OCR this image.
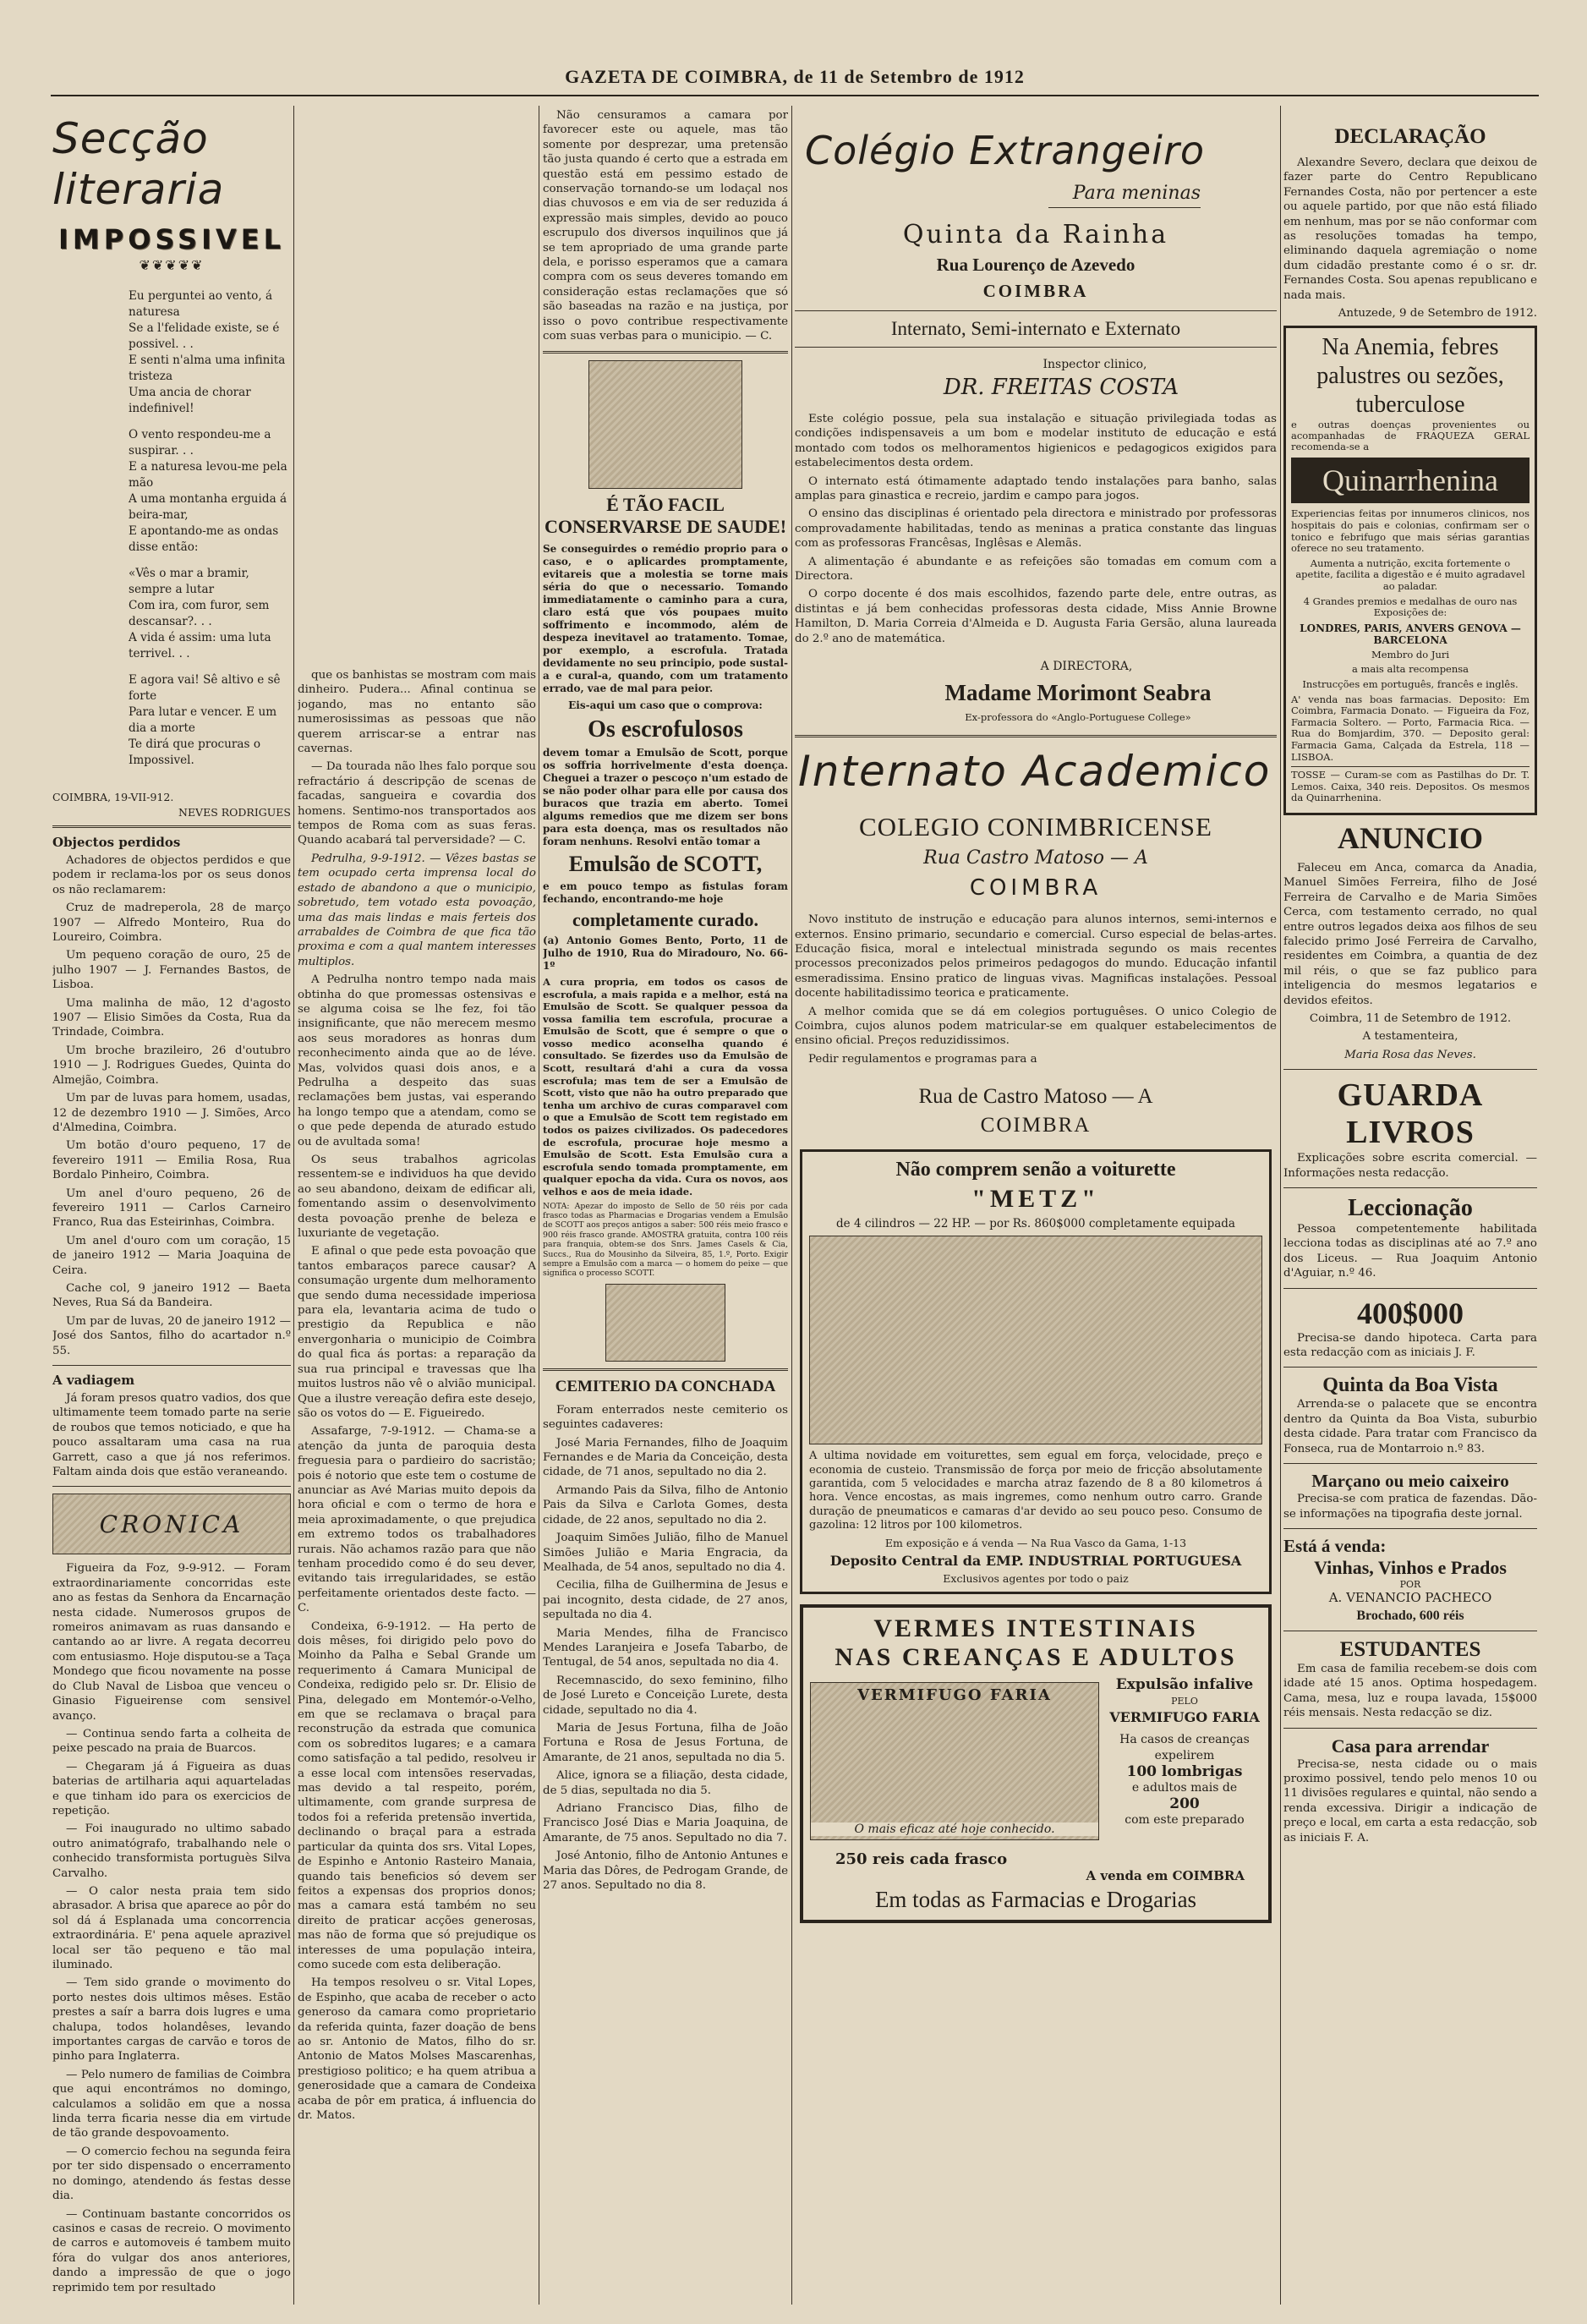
GAZETA DE COIMBRA, de 11 de Setembro de 1912
Secção literaria
IMPOSSIVEL
❦❦❦❦❦
Eu perguntei ao vento, á naturesa
Se a l'felidade existe, se é possivel. . .
E senti n'alma uma infinita tristeza
Uma ancia de chorar indefinivel!
O vento respondeu-me a suspirar. . .
E a naturesa levou-me pela mão
A uma montanha erguida á beira-mar,
E apontando-me as ondas disse então:
«Vês o mar a bramir, sempre a lutar
Com ira, com furor, sem descansar?. . .
A vida é assim: uma luta terrivel. . .
E agora vai! Sê altivo e sê forte
Para lutar e vencer. E um dia a morte
Te dirá que procuras o Impossivel.
COIMBRA, 19-VII-912.
NEVES RODRIGUES
Objectos perdidos

Achadores de objectos perdidos e que podem ir reclama-los por os seus donos os não reclamarem:

Cruz de madreperola, 28 de março 1907 — Alfredo Monteiro, Rua do Loureiro, Coimbra.

Um pequeno coração de ouro, 25 de julho 1907 — J. Fernandes Bastos, de Lisboa.

Uma malinha de mão, 12 d'agosto 1907 — Elisio Simões da Costa, Rua da Trindade, Coimbra.

Um broche brazileiro, 26 d'outubro 1910 — J. Rodrigues Guedes, Quinta do Almejão, Coimbra.

Um par de luvas para homem, usadas, 12 de dezembro 1910 — J. Simões, Arco d'Almedina, Coimbra.

Um botão d'ouro pequeno, 17 de fevereiro 1911 — Emilia Rosa, Rua Bordalo Pinheiro, Coimbra.

Um anel d'ouro pequeno, 26 de fevereiro 1911 — Carlos Carneiro Franco, Rua das Esteirinhas, Coimbra.

Um anel d'ouro com um coração, 15 de janeiro 1912 — Maria Joaquina de Ceira.

Cache col, 9 janeiro 1912 — Baeta Neves, Rua Sá da Bandeira.

Um par de luvas, 20 de janeiro 1912 — José dos Santos, filho do acartador n.º 55.

A vadiagem

Já foram presos quatro vadios, dos que ultimamente teem tomado parte na serie de roubos que temos noticiado, e que ha pouco assaltaram uma casa na rua Garrett, caso a que já nos referimos. Faltam ainda dois que estão veraneando.

CRONICA

Figueira da Foz, 9-9-912. — Foram extraordinariamente concorridas este ano as festas da Senhora da Encarnação nesta cidade. Numerosos grupos de romeiros animavam as ruas dansando e cantando ao ar livre. A regata decorreu com entusiasmo. Hoje disputou-se a Taça Mondego que ficou novamente na posse do Club Naval de Lisboa que venceu o Ginasio Figueirense com sensivel avanço.

— Continua sendo farta a colheita de peixe pescado na praia de Buarcos.

— Chegaram já á Figueira as duas baterias de artilharia aqui aquarteladas e que tinham ido para os exercicios de repetição.

— Foi inaugurado no ultimo sabado outro animatógrafo, trabalhando nele o conhecido transformista portuguès Silva Carvalho.

— O calor nesta praia tem sido abrasador. A brisa que aparece ao pôr do sol dá á Esplanada uma concorrencia extraordinária. E' pena aquele aprazivel local ser tão pequeno e tão mal iluminado.

— Tem sido grande o movimento do porto nestes dois ultimos mêses. Estão prestes a saír a barra dois lugres e uma chalupa, todos holandêses, levando importantes cargas de carvão e toros de pinho para Inglaterra.

— Pelo numero de familias de Coimbra que aqui encontrámos no domingo, calculamos a solidão em que a nossa linda terra ficaria nesse dia em virtude de tão grande despovoamento.

— O comercio fechou na segunda feira por ter sido dispensado o encerramento no domingo, atendendo ás festas desse dia.

— Continuam bastante concorridos os casinos e casas de recreio. O movimento de carros e automoveis é tambem muito fóra do vulgar dos anos anteriores, dando a impressão de que o jogo reprimido tem por resultado

que os banhistas se mostram com mais dinheiro. Pudera... Afinal continua se jogando, mas no entanto são numerosissimas as pessoas que não querem arriscar-se a entrar nas cavernas.

— Da tourada não lhes falo porque sou refractário á descripção de scenas de facadas, sangueira e covardia dos homens. Sentimo-nos transportados aos tempos de Roma com as suas feras. Quando acabará tal perversidade? — C.

Pedrulha, 9-9-1912. — Vêzes bastas se tem ocupado certa imprensa local do estado de abandono a que o municipio, sobretudo, tem votado esta povoação, uma das mais lindas e mais ferteis dos arrabaldes de Coimbra de que fica tão proxima e com a qual mantem interesses multiplos.

A Pedrulha nontro tempo nada mais obtinha do que promessas ostensivas e se alguma coisa se lhe fez, foi tão insignificante, que não merecem mesmo aos seus moradores as honras dum reconhecimento ainda que ao de léve. Mas, volvidos quasi dois anos, e a Pedrulha a despeito das suas reclamações bem justas, vai esperando ha longo tempo que a atendam, como se o que pede dependa de aturado estudo ou de avultada soma!

Os seus trabalhos agricolas ressentem-se e individuos ha que devido ao seu abandono, deixam de edificar ali, fomentando assim o desenvolvimento desta povoação prenhe de beleza e luxuriante de vegetação.

E afinal o que pede esta povoação que tantos embaraços parece causar? A consumação urgente dum melhoramento que sendo duma necessidade imperiosa para ela, levantaria acima de tudo o prestigio da Republica e não envergonharia o municipio de Coimbra do qual fica ás portas: a reparação da sua rua principal e travessas que lha muitos lustros não vê o alvião municipal. Que a ilustre vereação defira este desejo, são os votos do — E. Figueiredo.

Assafarge, 7-9-1912. — Chama-se a atenção da junta de paroquia desta freguesia para o pardieiro do sacristão; pois é notorio que este tem o costume de anunciar as Avé Marias muito depois da hora oficial e com o termo de hora e meia aproximadamente, o que prejudica em extremo todos os trabalhadores rurais. Não achamos razão para que não tenham procedido como é do seu dever, evitando tais irregularidades, se estão perfeitamente orientados deste facto. — C.

Condeixa, 6-9-1912. — Ha perto de dois mêses, foi dirigido pelo povo do Moinho da Palha e Sebal Grande um requerimento á Camara Municipal de Condeixa, redigido pelo sr. Dr. Elisio de Pina, delegado em Montemór-o-Velho, em que se reclamava o braçal para reconstrução da estrada que comunica com os sobreditos lugares; e a camara como satisfação a tal pedido, resolveu ir a esse local com intensões reservadas, mas devido a tal respeito, porém, ultimamente, com grande surpresa de todos foi a referida pretensão invertida, declinando o braçal para a estrada particular da quinta dos srs. Vital Lopes, de Espinho e Antonio Rasteiro Manaia, quando tais beneficios só devem ser feitos a expensas dos proprios donos; mas a camara está também no seu direito de praticar acções generosas, mas não de forma que só prejudique os interesses de uma população inteira, como sucede com esta deliberação.

Ha tempos resolveu o sr. Vital Lopes, de Espinho, que acaba de receber o acto generoso da camara como proprietario da referida quinta, fazer doação de bens ao sr. Antonio de Matos, filho do sr. Antonio de Matos Molses Mascarenhas, prestigioso politico; e ha quem atribua a generosidade que a camara de Condeixa acaba de pôr em pratica, á influencia do dr. Matos.

Não censuramos a camara por favorecer este ou aquele, mas tão somente por desprezar, uma pretensão tão justa quando é certo que a estrada em questão está em pessimo estado de conservação tornando-se um lodaçal nos dias chuvosos e em via de ser reduzida á expressão mais simples, devido ao pouco escrupulo dos diversos inquilinos que já se tem apropriado de uma grande parte dela, e porisso esperamos que a camara compra com os seus deveres tomando em consideração estas reclamações que só são baseadas na razão e na justiça, por isso o povo contribue respectivamente com suas verbas para o municipio. — C.

É TÃO FACIL CONSERVARSE DE SAUDE!

Se conseguirdes o remédio proprio para o caso, e o aplicardes promptamente, evitareis que a molestia se torne mais séria do que o necessario. Tomando immediatamente o caminho para a cura, claro está que vós poupaes muito soffrimento e incommodo, além de despeza inevitavel ao tratamento. Tomae, por exemplo, a escrofula. Tratada devidamente no seu principio, pode sustal-a e cural-a, quando, com um tratamento errado, vae de mal para peior.

Eis-aqui um caso que o comprova:

Os escrofulosos

devem tomar a Emulsão de Scott, porque os soffria horrivelmente d'esta doença. Cheguei a trazer o pescoço n'um estado de se não poder olhar para elle por causa dos buracos que trazia em aberto. Tomei algums remedios que me dizem ser bons para esta doença, mas os resultados não foram nenhuns. Resolvi então tomar a

Emulsão de SCOTT,

e em pouco tempo as fistulas foram fechando, encontrando-me hoje

completamente curado.

(a) Antonio Gomes Bento, Porto, 11 de Julho de 1910, Rua do Miradouro, No. 66-1º

A cura propria, em todos os casos de escrofula, a mais rapida e a melhor, está na Emulsão de Scott. Se qualquer pessoa da vossa familia tem escrofula, procurae a Emulsão de Scott, que é sempre o que o vosso medico aconselha quando é consultado. Se fizerdes uso da Emulsão de Scott, resultará d'ahi a cura da vossa escrofula; mas tem de ser a Emulsão de Scott, visto que não ha outro preparado que tenha um archivo de curas comparavel com o que a Emulsão de Scott tem registado em todos os paizes civilizados. Os padecedores de escrofula, procurae hoje mesmo a Emulsão de Scott. Esta Emulsão cura a escrofula sendo tomada promptamente, em qualquer epocha da vida. Cura os novos, aos velhos e aos de meia idade.

NOTA: Apezar do imposto de Sello de 50 réis por cada frasco todas as Pharmacias e Drogarias vendem a Emulsão de SCOTT aos preços antigos a saber: 500 réis meio frasco e 900 réis frasco grande. AMOSTRA gratuita, contra 100 réis para franquia, obtem-se dos Snrs. James Casels & Cia, Succs., Rua do Mousinho da Silveira, 85, 1.º, Porto. Exigir sempre a Emulsão com a marca — o homem do peixe — que significa o processo SCOTT.

CEMITERIO DA CONCHADA

Foram enterrados neste cemiterio os seguintes cadaveres:

José Maria Fernandes, filho de Joaquim Fernandes e de Maria da Conceição, desta cidade, de 71 anos, sepultado no dia 2.

Armando Pais da Silva, filho de Antonio Pais da Silva e Carlota Gomes, desta cidade, de 22 anos, sepultado no dia 2.

Joaquim Simões Julião, filho de Manuel Simões Julião e Maria Engracia, da Mealhada, de 54 anos, sepultado no dia 4.

Cecilia, filha de Guilhermina de Jesus e pai incognito, desta cidade, de 27 anos, sepultada no dia 4.

Maria Mendes, filha de Francisco Mendes Laranjeira e Josefa Tabarbo, de Tentugal, de 54 anos, sepultada no dia 4.

Recemnascido, do sexo feminino, filho de José Lureto e Conceição Lurete, desta cidade, sepultado no dia 4.

Maria de Jesus Fortuna, filha de João Fortuna e Rosa de Jesus Fortuna, de Amarante, de 21 anos, sepultada no dia 5.

Alice, ignora se a filiação, desta cidade, de 5 dias, sepultada no dia 5.

Adriano Francisco Dias, filho de Francisco José Dias e Maria Joaquina, de Amarante, de 75 anos. Sepultado no dia 7.

José Antonio, filho de Antonio Antunes e Maria das Dôres, de Pedrogam Grande, de 27 anos. Sepultado no dia 8.

Colégio Extrangeiro
Para meninas
Quinta da Rainha
Rua Lourenço de Azevedo
COIMBRA
Internato, Semi-internato e Externato
Inspector clinico,
DR. FREITAS COSTA

Este colégio possue, pela sua instalação e situação privilegiada todas as condições indispensaveis a um bom e modelar instituto de educação e está montado com todos os melhoramentos higienicos e pedagogicos exigidos para estabelecimentos desta ordem.

O internato está ótimamente adaptado tendo instalações para banho, salas amplas para ginastica e recreio, jardim e campo para jogos.

O ensino das disciplinas é orientado pela directora e ministrado por professoras comprovadamente habilitadas, tendo as meninas a pratica constante das linguas com as professoras Francêsas, Inglêsas e Alemãs.

A alimentação é abundante e as refeições são tomadas em comum com a Directora.

O corpo docente é dos mais escolhidos, fazendo parte dele, entre outras, as distintas e já bem conhecidas professoras desta cidade, Miss Annie Browne Hamilton, D. Maria Correia d'Almeida e D. Augusta Faria Gersão, aluna laureada do 2.º ano de matemática.

A DIRECTORA,
Madame Morimont Seabra
Ex-professora do «Anglo-Portuguese College»
Internato Academico
COLEGIO CONIMBRICENSE
Rua Castro Matoso — A
COIMBRA

Novo instituto de instrução e educação para alunos internos, semi-internos e externos. Ensino primario, secundario e comercial. Curso especial de belas-artes. Educação fisica, moral e intelectual ministrada segundo os mais recentes processos preconizados pelos primeiros pedagogos do mundo. Educação infantil esmeradissima. Ensino pratico de linguas vivas. Magnificas instalações. Pessoal docente habilitadissimo teorica e praticamente.

A melhor comida que se dá em colegios portuguêses. O unico Colegio de Coimbra, cujos alunos podem matricular-se em qualquer estabelecimentos de ensino oficial. Preços reduzidissimos.

Pedir regulamentos e programas para a

Rua de Castro Matoso — A
COIMBRA
Não comprem senão a voiturette
"METZ"
de 4 cilindros — 22 HP. — por Rs. 860$000 completamente equipada

A ultima novidade em voiturettes, sem egual em força, velocidade, preço e economia de custeio. Transmissão de força por meio de fricção absolutamente garantida, com 5 velocidades e marcha atraz fazendo de 8 a 80 kilometros á hora. Vence encostas, as mais ingremes, como nenhum outro carro. Grande duração de pneumaticos e camaras d'ar devido ao seu pouco peso. Consumo de gazolina: 12 litros por 100 kilometros.

Em exposição e á venda — Na Rua Vasco da Gama, 1-13
Deposito Central da EMP. INDUSTRIAL PORTUGUESA
Exclusivos agentes por todo o paiz
VERMES INTESTINAIS
NAS CREANÇAS E ADULTOS
VERMIFUGO FARIA
O mais eficaz até hoje conhecido.
Expulsão infalive
PELO
VERMIFUGO FARIA
Ha casos de creanças expelirem
100 lombrigas
e adultos mais de
200
com este preparado
250 reis cada frasco
A venda em COIMBRA
Em todas as Farmacias e Drogarias
DECLARAÇÃO

Alexandre Severo, declara que deixou de fazer parte do Centro Republicano Fernandes Costa, não por pertencer a este ou aquele partido, por que não está filiado em nenhum, mas por se não conformar com as resoluções tomadas ha tempo, eliminando daquela agremiação o nome dum cidadão prestante como é o sr. dr. Fernandes Costa. Sou apenas republicano e nada mais.

Antuzede, 9 de Setembro de 1912.

Na Anemia, febres palustres ou sezões, tuberculose

e outras doenças provenientes ou acompanhadas de FRAQUEZA GERAL recomenda-se a

Quinarrhenina

Experiencias feitas por innumeros clinicos, nos hospitais do pais e colonias, confirmam ser o tonico e febrifugo que mais sérias garantias oferece no seu tratamento.

Aumenta a nutrição, excita fortemente o apetite, facilita a digestão e é muito agradavel ao paladar.

4 Grandes premios e medalhas de ouro nas Exposições de:

LONDRES, PARIS, ANVERS GENOVA — BARCELONA

Membro do Juri

a mais alta recompensa

Instrucções em português, francês e inglês.

A' venda nas boas farmacias. Deposito: Em Coimbra, Farmacia Donato. — Figueira da Foz, Farmacia Soltero. — Porto, Farmacia Rica. — Rua do Bomjardim, 370. — Deposito geral: Farmacia Gama, Calçada da Estrela, 118 — LISBOA.

TOSSE — Curam-se com as Pastilhas do Dr. T. Lemos. Caixa, 340 reis. Depositos. Os mesmos da Quinarrhenina.

ANUNCIO

Faleceu em Anca, comarca da Anadia, Manuel Simões Ferreira, filho de José Ferreira de Carvalho e de Maria Simões Cerca, com testamento cerrado, no qual entre outros legados deixa aos filhos de seu falecido primo José Ferreira de Carvalho, residentes em Coimbra, a quantia de dez mil réis, o que se faz publico para inteligencia do mesmos legatarios e devidos efeitos.

Coimbra, 11 de Setembro de 1912.

A testamenteira,

Maria Rosa das Neves.

GUARDA LIVROS

Explicações sobre escrita comercial. — Informações nesta redacção.

Leccionação

Pessoa competentemente habilitada lecciona todas as disciplinas até ao 7.º ano dos Liceus. — Rua Joaquim Antonio d'Aguiar, n.º 46.

400$000

Precisa-se dando hipoteca. Carta para esta redacção com as iniciais J. F.

Quinta da Boa Vista

Arrenda-se o palacete que se encontra dentro da Quinta da Boa Vista, suburbio desta cidade. Para tratar com Francisco da Fonseca, rua de Montarroio n.º 83.

Marçano ou meio caixeiro

Precisa-se com pratica de fazendas. Dão-se informações na tipografia deste jornal.

Está á venda:
Vinhas, Vinhos e Prados
POR
A. VENANCIO PACHECO
Brochado, 600 réis
ESTUDANTES

Em casa de familia recebem-se dois com idade até 15 anos. Optima hospedagem. Cama, mesa, luz e roupa lavada, 15$000 réis mensais. Nesta redacção se diz.

Casa para arrendar

Precisa-se, nesta cidade ou o mais proximo possivel, tendo pelo menos 10 ou 11 divisões regulares e quintal, não sendo a renda excessiva. Dirigir a indicação de preço e local, em carta a esta redacção, sob as iniciais F. A.
